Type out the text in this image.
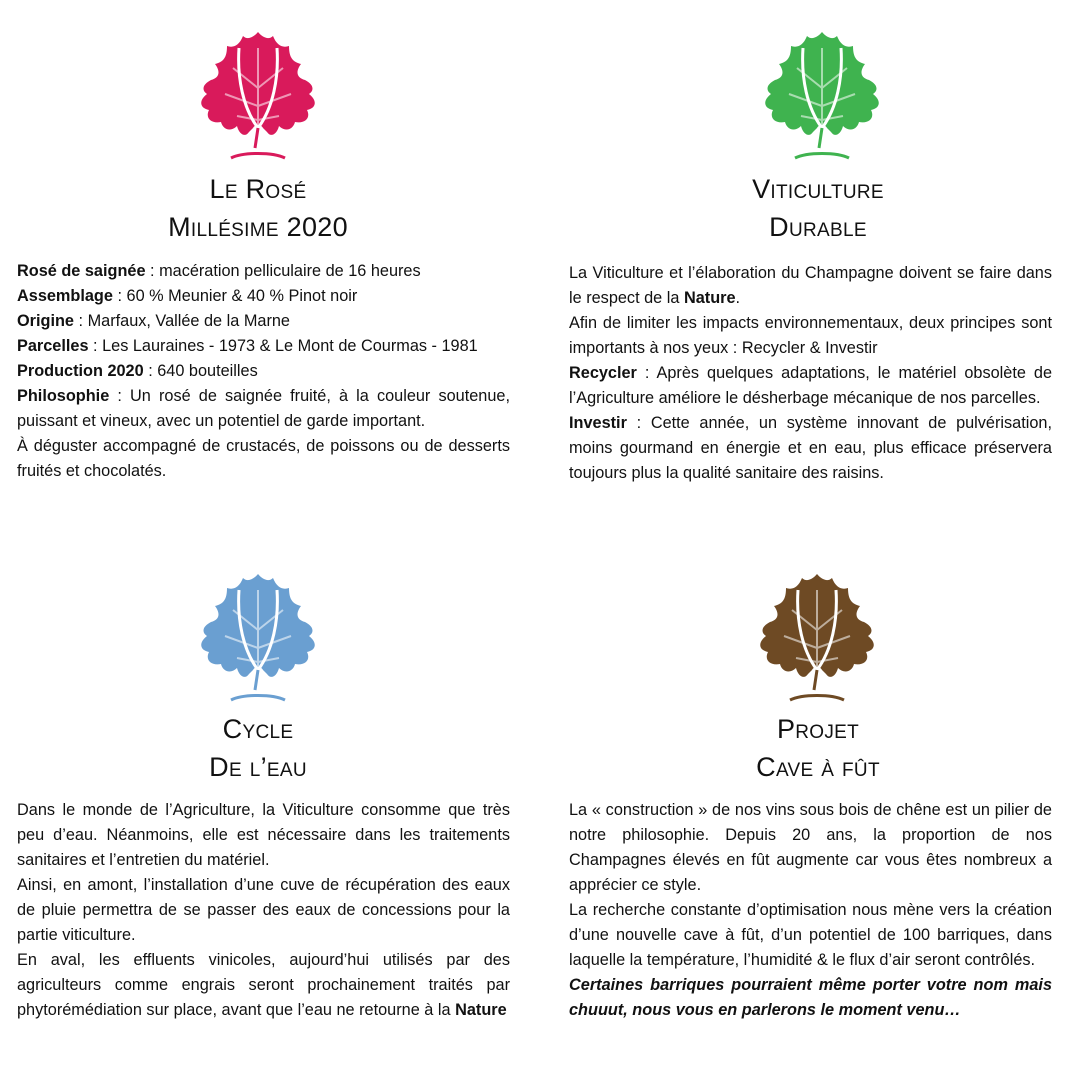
Le Rosé
Millésime 2020

Rosé de saignée : macération pelliculaire de 16 heures

Assemblage : 60 % Meunier & 40 % Pinot noir

Origine : Marfaux, Vallée de la Marne

Parcelles : Les Lauraines - 1973 & Le Mont de Courmas - 1981

Production 2020 : 640 bouteilles

Philosophie : Un rosé de saignée fruité, à la couleur soutenue, puissant et vineux, avec un potentiel de garde important.

À déguster accompagné de crustacés, de poissons ou de desserts fruités et chocolatés.

Viticulture
Durable

La Viticulture et l’élaboration du Champagne doivent se faire dans le respect de la Nature.

Afin de limiter les impacts environnementaux, deux principes sont importants à nos yeux : Recycler & Investir

Recycler : Après quelques adaptations, le matériel obsolète de l’Agriculture améliore le désherbage mécanique de nos parcelles.

Investir : Cette année, un système innovant de pulvérisation, moins gourmand en énergie et en eau, plus efficace préservera toujours plus la qualité sanitaire des raisins.

Cycle
De l’eau

Dans le monde de l’Agriculture, la Viticulture consomme que très peu d’eau. Néanmoins, elle est nécessaire dans les traitements sanitaires et l’entretien du matériel.

Ainsi, en amont, l’installation d’une cuve de récupération des eaux de pluie permettra de se passer des eaux de concessions pour la partie viticulture.

En aval, les effluents vinicoles, aujourd’hui utilisés par des agriculteurs comme engrais seront prochainement traités par phytorémédiation sur place, avant que l’eau ne retourne à la Nature

Projet
Cave à fût

La « construction » de nos vins sous bois de chêne est un pilier de notre philosophie. Depuis 20 ans, la proportion de nos Champagnes élevés en fût augmente car vous êtes nombreux a apprécier ce style.

La recherche constante d’optimisation nous mène vers la création d’une nouvelle cave à fût, d’un potentiel de 100 barriques, dans laquelle la température, l’humidité & le flux d’air seront contrôlés.

Certaines barriques pourraient même porter votre nom mais chuuut, nous vous en parlerons le moment venu…
